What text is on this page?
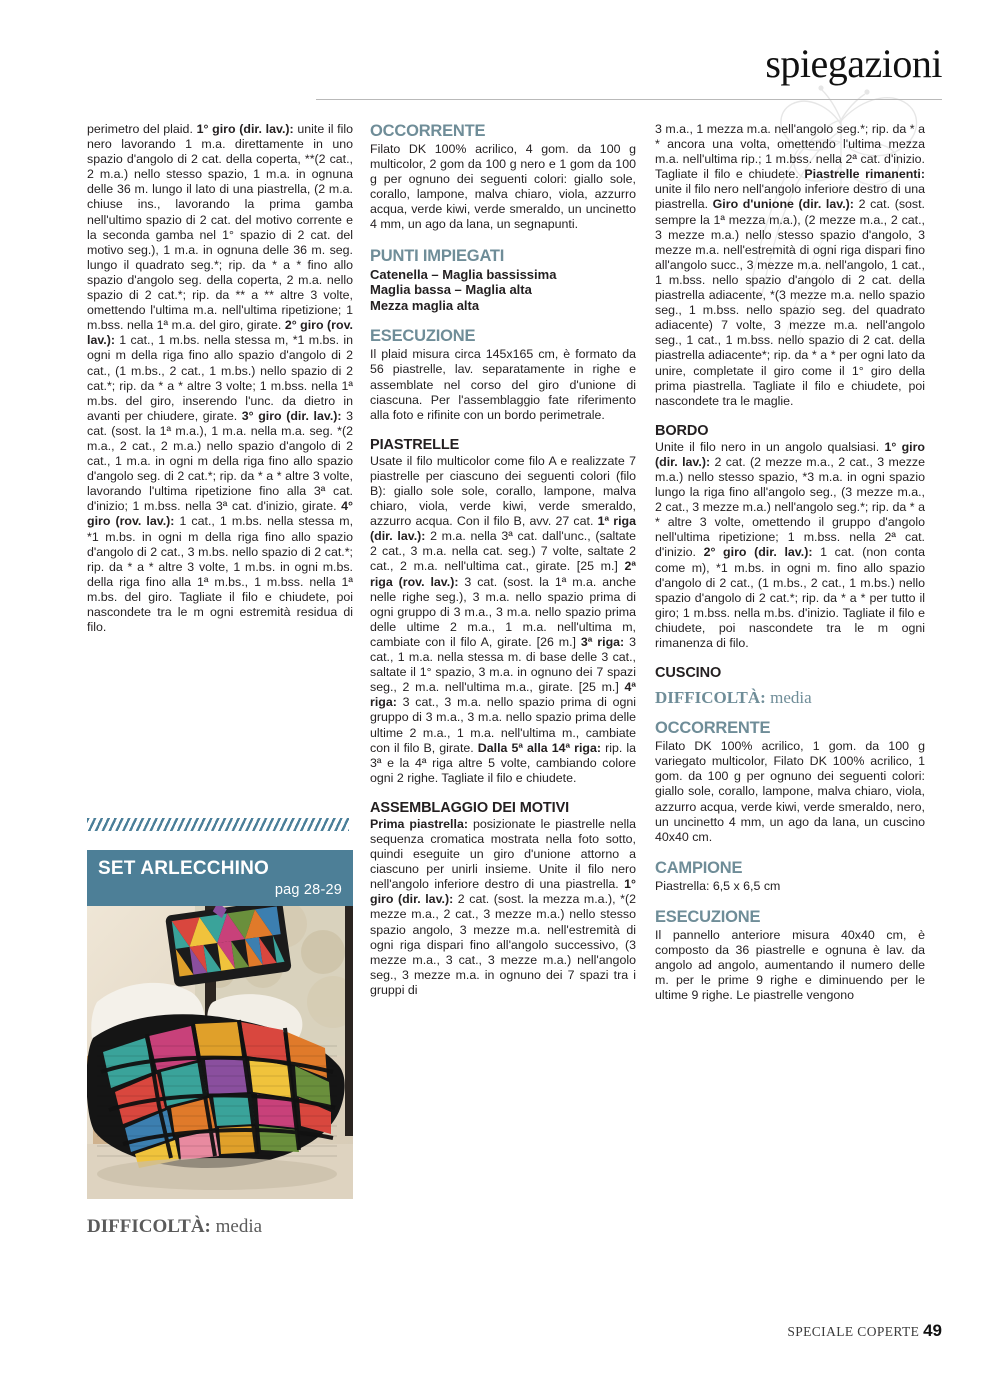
spiegazioni

perimetro del plaid. 1° giro (dir. lav.): unite il filo nero lavorando 1 m.a. direttamente in uno spazio d'angolo di 2 cat. della coperta, **(2 cat., 2 m.a.) nello stesso spazio, 1 m.a. in ognuna delle 36 m. lungo il lato di una piastrella, (2 m.a. chiuse ins., lavorando la prima gamba nell'ultimo spazio di 2 cat. del motivo corrente e la seconda gamba nel 1° spazio di 2 cat. del motivo seg.), 1 m.a. in ognuna delle 36 m. seg. lungo il quadrato seg.*; rip. da * a * fino allo spazio d'angolo seg. della coperta, 2 m.a. nello spazio di 2 cat.*; rip. da ** a ** altre 3 volte, omettendo l'ultima m.a. nell'ultima ripetizione; 1 m.bss. nella 1ª m.a. del giro, girate. 2° giro (rov. lav.): 1 cat., 1 m.bs. nella stessa m, *1 m.bs. in ogni m della riga fino allo spazio d'angolo di 2 cat., (1 m.bs., 2 cat., 1 m.bs.) nello spazio di 2 cat.*; rip. da * a * altre 3 volte; 1 m.bss. nella 1ª m.bs. del giro, inserendo l'unc. da dietro in avanti per chiudere, girate. 3° giro (dir. lav.): 3 cat. (sost. la 1ª m.a.), 1 m.a. nella m.a. seg. *(2 m.a., 2 cat., 2 m.a.) nello spazio d'angolo di 2 cat., 1 m.a. in ogni m della riga fino allo spazio d'angolo seg. di 2 cat.*; rip. da * a * altre 3 volte, lavorando l'ultima ripetizione fino alla 3ª cat. d'inizio; 1 m.bss. nella 3ª cat. d'inizio, girate. 4° giro (rov. lav.): 1 cat., 1 m.bs. nella stessa m, *1 m.bs. in ogni m della riga fino allo spazio d'angolo di 2 cat., 3 m.bs. nello spazio di 2 cat.*; rip. da * a * altre 3 volte, 1 m.bs. in ogni m.bs. della riga fino alla 1ª m.bs., 1 m.bss. nella 1ª m.bs. del giro. Tagliate il filo e chiudete, poi nascondete tra le m ogni estremità residua di filo.

SET ARLECCHINO
pag 28-29
DIFFICOLTÀ: media
OCCORRENTE

Filato DK 100% acrilico, 4 gom. da 100 g multicolor, 2 gom da 100 g nero e 1 gom da 100 g per ognuno dei seguenti colori: giallo sole, corallo, lampone, malva chiaro, viola, azzurro acqua, verde kiwi, verde smeraldo, un uncinetto 4 mm, un ago da lana, un segnapunti.

PUNTI IMPIEGATI

Catenella – Maglia bassissima

Maglia bassa – Maglia alta

Mezza maglia alta

ESECUZIONE

Il plaid misura circa 145x165 cm, è formato da 56 piastrelle, lav. separatamente in righe e assemblate nel corso del giro d'unione di ciascuna. Per l'assemblaggio fate riferimento alla foto e rifinite con un bordo perimetrale.

PIASTRELLE

Usate il filo multicolor come filo A e realizzate 7 piastrelle per ciascuno dei seguenti colori (filo B): giallo sole sole, corallo, lampone, malva chiaro, viola, verde kiwi, verde smeraldo, azzurro acqua. Con il filo B, avv. 27 cat. 1ª riga (dir. lav.): 2 m.a. nella 3ª cat. dall'unc., (saltate 2 cat., 3 m.a. nella cat. seg.) 7 volte, saltate 2 cat., 2 m.a. nell'ultima cat., girate. [25 m.] 2ª riga (rov. lav.): 3 cat. (sost. la 1ª m.a. anche nelle righe seg.), 3 m.a. nello spazio prima di ogni gruppo di 3 m.a., 3 m.a. nello spazio prima delle ultime 2 m.a., 1 m.a. nell'ultima m, cambiate con il filo A, girate. [26 m.] 3ª riga: 3 cat., 1 m.a. nella stessa m. di base delle 3 cat., saltate il 1° spazio, 3 m.a. in ognuno dei 7 spazi seg., 2 m.a. nell'ultima m.a., girate. [25 m.] 4ª riga: 3 cat., 3 m.a. nello spazio prima di ogni gruppo di 3 m.a., 3 m.a. nello spazio prima delle ultime 2 m.a., 1 m.a. nell'ultima m., cambiate con il filo B, girate. Dalla 5ª alla 14ª riga: rip. la 3ª e la 4ª riga altre 5 volte, cambiando colore ogni 2 righe. Tagliate il filo e chiudete.

ASSEMBLAGGIO DEI MOTIVI

Prima piastrella: posizionate le piastrelle nella sequenza cromatica mostrata nella foto sotto, quindi eseguite un giro d'unione attorno a ciascuno per unirli insieme. Unite il filo nero nell'angolo inferiore destro di una piastrella. 1° giro (dir. lav.): 2 cat. (sost. la mezza m.a.), *(2 mezze m.a., 2 cat., 3 mezze m.a.) nello stesso spazio angolo, 3 mezze m.a. nell'estremità di ogni riga dispari fino all'angolo successivo, (3 mezze m.a., 3 cat., 3 mezze m.a.) nell'angolo seg., 3 mezze m.a. in ognuno dei 7 spazi tra i gruppi di

3 m.a., 1 mezza m.a. nell'angolo seg.*; rip. da * a * ancora una volta, omettendo l'ultima mezza m.a. nell'ultima rip.; 1 m.bss. nella 2ª cat. d'inizio. Tagliate il filo e chiudete. Piastrelle rimanenti: unite il filo nero nell'angolo inferiore destro di una piastrella. Giro d'unione (dir. lav.): 2 cat. (sost. sempre la 1ª mezza m.a.), (2 mezze m.a., 2 cat., 3 mezze m.a.) nello stesso spazio d'angolo, 3 mezze m.a. nell'estremità di ogni riga dispari fino all'angolo succ., 3 mezze m.a. nell'angolo, 1 cat., 1 m.bss. nello spazio d'angolo di 2 cat. della piastrella adiacente, *(3 mezze m.a. nello spazio seg., 1 m.bss. nello spazio seg. del quadrato adiacente) 7 volte, 3 mezze m.a. nell'angolo seg., 1 cat., 1 m.bss. nello spazio di 2 cat. della piastrella adiacente*; rip. da * a * per ogni lato da unire, completate il giro come il 1° giro della prima piastrella. Tagliate il filo e chiudete, poi nascondete tra le maglie.

BORDO

Unite il filo nero in un angolo qualsiasi. 1° giro (dir. lav.): 2 cat. (2 mezze m.a., 2 cat., 3 mezze m.a.) nello stesso spazio, *3 m.a. in ogni spazio lungo la riga fino all'angolo seg., (3 mezze m.a., 2 cat., 3 mezze m.a.) nell'angolo seg.*; rip. da * a * altre 3 volte, omettendo il gruppo d'angolo nell'ultima ripetizione; 1 m.bss. nella 2ª cat. d'inizio. 2° giro (dir. lav.): 1 cat. (non conta come m), *1 m.bs. in ogni m. fino allo spazio d'angolo di 2 cat., (1 m.bs., 2 cat., 1 m.bs.) nello spazio d'angolo di 2 cat.*; rip. da * a * per tutto il giro; 1 m.bss. nella m.bs. d'inizio. Tagliate il filo e chiudete, poi nascondete tra le m ogni rimanenza di filo.

CUSCINO
DIFFICOLTÀ: media
OCCORRENTE

Filato DK 100% acrilico, 1 gom. da 100 g variegato multicolor, Filato DK 100% acrilico, 1 gom. da 100 g per ognuno dei seguenti colori: giallo sole, corallo, lampone, malva chiaro, viola, azzurro acqua, verde kiwi, verde smeraldo, nero, un uncinetto 4 mm, un ago da lana, un cuscino 40x40 cm.

CAMPIONE

Piastrella: 6,5 x 6,5 cm

ESECUZIONE

Il pannello anteriore misura 40x40 cm, è composto da 36 piastrelle e ognuna è lav. da angolo ad angolo, aumentando il numero delle m. per le prime 9 righe e diminuendo per le ultime 9 righe. Le piastrelle vengono

SPECIALE COPERTE 49
